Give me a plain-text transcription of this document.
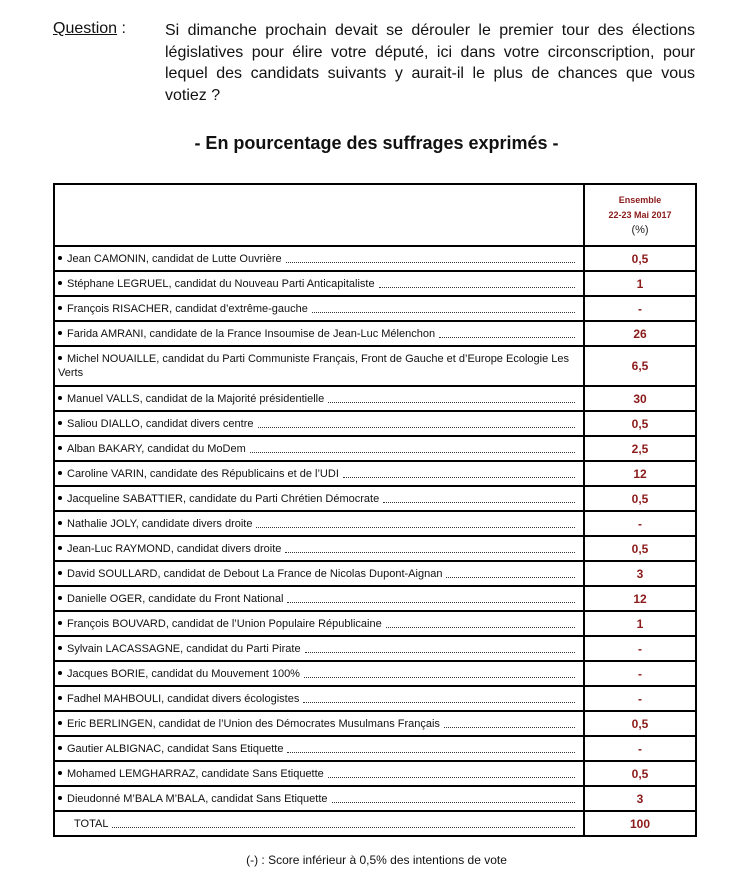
Question : Si dimanche prochain devait se dérouler le premier tour des élections législatives pour élire votre député, ici dans votre circonscription, pour lequel des candidats suivants y aurait-il le plus de chances que vous votiez ?
- En pourcentage des suffrages exprimés -

	Ensemble
22-23 Mai 2017
(%)

Jean CAMONIN, candidat de Lutte Ouvrière	0,5

Stéphane LEGRUEL, candidat du Nouveau Parti Anticapitaliste	1

François RISACHER, candidat d’extrême-gauche	-

Farida AMRANI, candidate de la France Insoumise de Jean-Luc Mélenchon	26

Michel NOUAILLE, candidat du Parti Communiste Français, Front de Gauche et d’Europe Ecologie Les Verts	6,5

Manuel VALLS, candidat de la Majorité présidentielle	30

Saliou DIALLO, candidat divers centre	0,5

Alban BAKARY, candidat du MoDem	2,5

Caroline VARIN, candidate des Républicains et de l’UDI	12

Jacqueline SABATTIER, candidate du Parti Chrétien Démocrate	0,5

Nathalie JOLY, candidate divers droite	-

Jean-Luc RAYMOND, candidat divers droite	0,5

David SOULLARD, candidat de Debout La France de Nicolas Dupont-Aignan	3

Danielle OGER, candidate du Front National	12

François BOUVARD, candidat de l’Union Populaire Républicaine	1

Sylvain LACASSAGNE, candidat du Parti Pirate	-

Jacques BORIE, candidat du Mouvement 100%	-

Fadhel MAHBOULI, candidat divers écologistes	-

Eric BERLINGEN, candidat de l’Union des Démocrates Musulmans Français	0,5

Gautier ALBIGNAC, candidat Sans Etiquette	-

Mohamed LEMGHARRAZ, candidate Sans Etiquette	0,5

Dieudonné M’BALA M’BALA, candidat Sans Etiquette	3

TOTAL	100
(-) : Score inférieur à 0,5% des intentions de vote
